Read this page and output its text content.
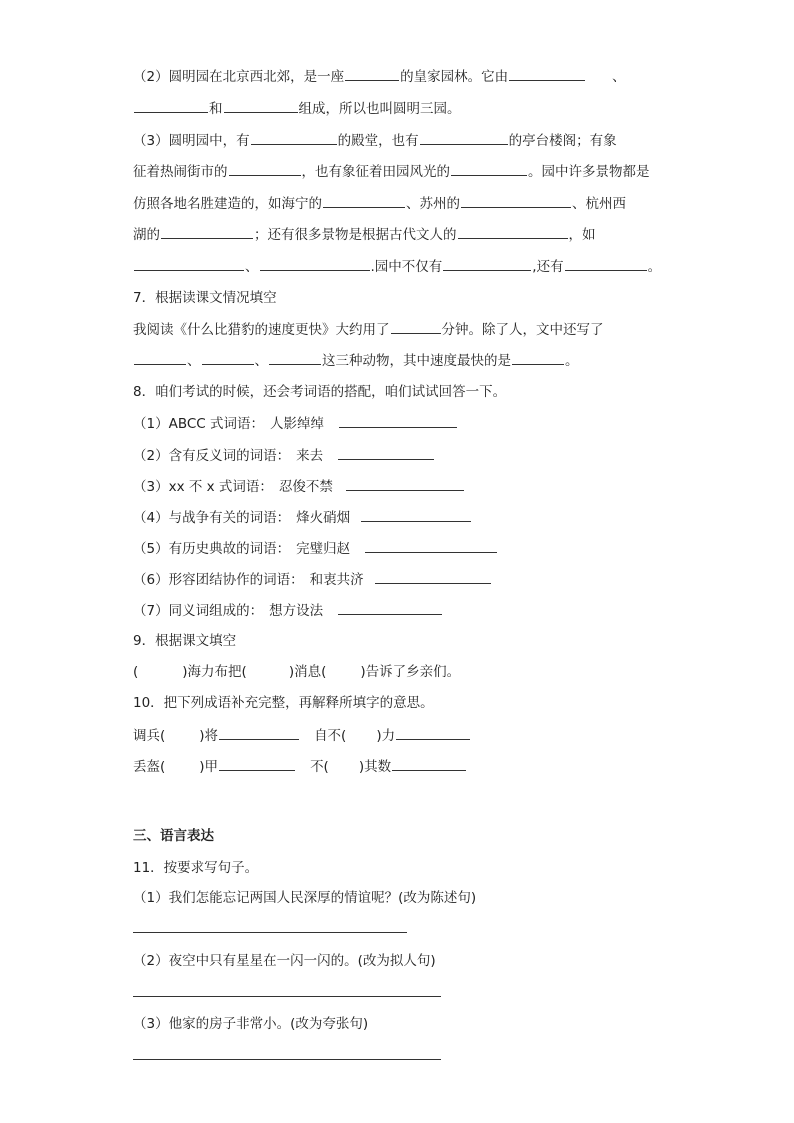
（2）圆明园在北京西北郊，是一座	的皇家园林。它由	、
和	组成，所以也叫圆明三园。
（3）圆明园中，有	的殿堂，也有	的亭台楼阁；有象
征着热闹街市的	，也有象征着田园风光的	。园中许多景物都是
仿照各地名胜建造的，如海宁的	、苏州的	、杭州西
湖的	；还有很多景物是根据古代文人的	，如
、	.园中不仅有	,还有	。
7．根据读课文情况填空
我阅读《什么比猎豹的速度更快》大约用了	分钟。除了人，文中还写了
、	、	这三种动物，其中速度最快的是	。
8．咱们考试的时候，还会考词语的搭配，咱们试试回答一下。
（1）ABCC 式词语： 人影绰绰
（2）含有反义词的词语： 来去
（3）xx 不 x 式词语： 忍俊不禁
（4）与战争有关的词语： 烽火硝烟
（5）有历史典故的词语： 完璧归赵
（6）形容团结协作的词语： 和衷共济
（7）同义词组成的： 想方设法
9．根据课文填空
(	)海力布把(	)消息(	)告诉了乡亲们。
10．把下列成语补充完整，再解释所填字的意思。
调兵(	)将	自不( )力
丢盔(	)甲	不( )其数
三、语言表达
11．按要求写句子。
（1）我们怎能忘记两国人民深厚的情谊呢？(改为陈述句)
（2）夜空中只有星星在一闪一闪的。(改为拟人句)
（3）他家的房子非常小。(改为夸张句)
